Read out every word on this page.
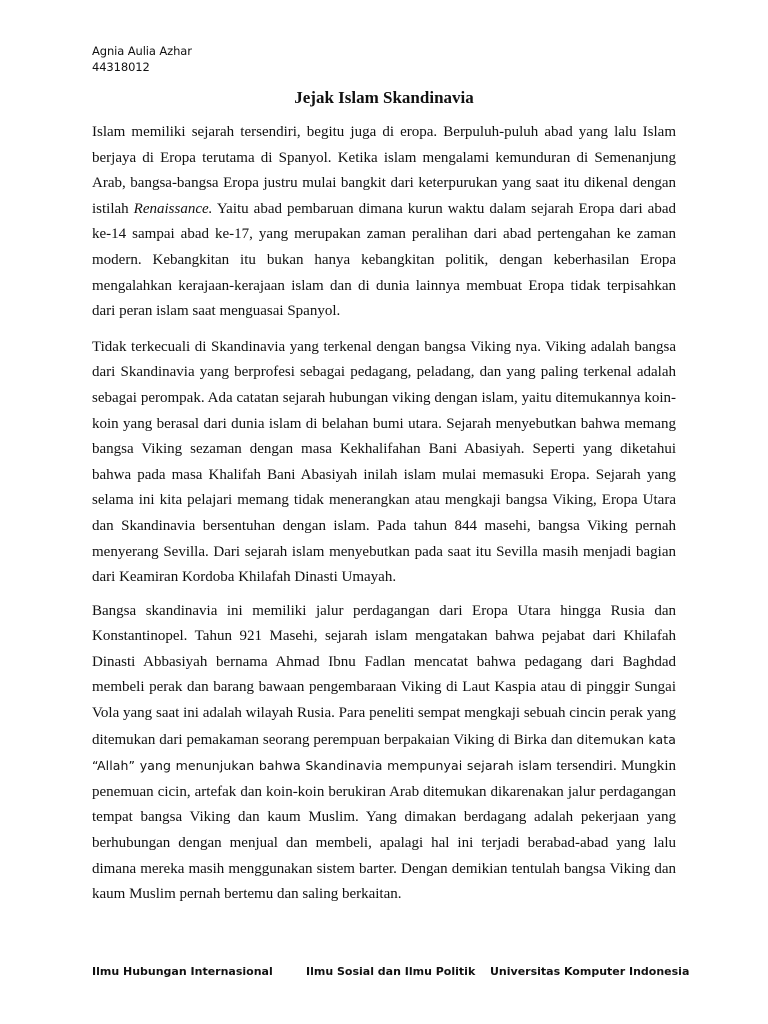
Agnia Aulia Azhar
44318012
Jejak Islam Skandinavia

Islam memiliki sejarah tersendiri, begitu juga di eropa. Berpuluh-puluh abad yang lalu Islam berjaya di Eropa terutama di Spanyol. Ketika islam mengalami kemunduran di Semenanjung Arab, bangsa-bangsa Eropa justru mulai bangkit dari keterpurukan yang saat itu dikenal dengan istilah Renaissance. Yaitu abad pembaruan dimana kurun waktu dalam sejarah Eropa dari abad ke-14 sampai abad ke-17, yang merupakan zaman peralihan dari abad pertengahan ke zaman modern. Kebangkitan itu bukan hanya kebangkitan politik, dengan keberhasilan Eropa mengalahkan kerajaan-kerajaan islam dan di dunia lainnya membuat Eropa tidak terpisahkan dari peran islam saat menguasai Spanyol.

Tidak terkecuali di Skandinavia yang terkenal dengan bangsa Viking nya. Viking adalah bangsa dari Skandinavia yang berprofesi sebagai pedagang, peladang, dan yang paling terkenal adalah sebagai perompak. Ada catatan sejarah hubungan viking dengan islam, yaitu ditemukannya koin-koin yang berasal dari dunia islam di belahan bumi utara. Sejarah menyebutkan bahwa memang bangsa Viking sezaman dengan masa Kekhalifahan Bani Abasiyah. Seperti yang diketahui bahwa pada masa Khalifah Bani Abasiyah inilah islam mulai memasuki Eropa. Sejarah yang selama ini kita pelajari memang tidak menerangkan atau mengkaji bangsa Viking, Eropa Utara dan Skandinavia bersentuhan dengan islam. Pada tahun 844 masehi, bangsa Viking pernah menyerang Sevilla. Dari sejarah islam menyebutkan pada saat itu Sevilla masih menjadi bagian dari Keamiran Kordoba Khilafah Dinasti Umayah.

Bangsa skandinavia ini memiliki jalur perdagangan dari Eropa Utara hingga Rusia dan Konstantinopel. Tahun 921 Masehi, sejarah islam mengatakan bahwa pejabat dari Khilafah Dinasti Abbasiyah bernama Ahmad Ibnu Fadlan mencatat bahwa pedagang dari Baghdad membeli perak dan barang bawaan pengembaraan Viking di Laut Kaspia atau di pinggir Sungai Vola yang saat ini adalah wilayah Rusia. Para peneliti sempat mengkaji sebuah cincin perak yang ditemukan dari pemakaman seorang perempuan berpakaian Viking di Birka dan ditemukan kata “Allah” yang menunjukan bahwa Skandinavia mempunyai sejarah islam tersendiri. Mungkin penemuan cicin, artefak dan koin-koin berukiran Arab ditemukan dikarenakan jalur perdagangan tempat bangsa Viking dan kaum Muslim. Yang dimakan berdagang adalah pekerjaan yang berhubungan dengan menjual dan membeli, apalagi hal ini terjadi berabad-abad yang lalu dimana mereka masih menggunakan sistem barter. Dengan demikian tentulah bangsa Viking dan kaum Muslim pernah bertemu dan saling berkaitan.

Ilmu Hubungan Internasional	Ilmu Sosial dan Ilmu Politik Universitas Komputer Indonesia
